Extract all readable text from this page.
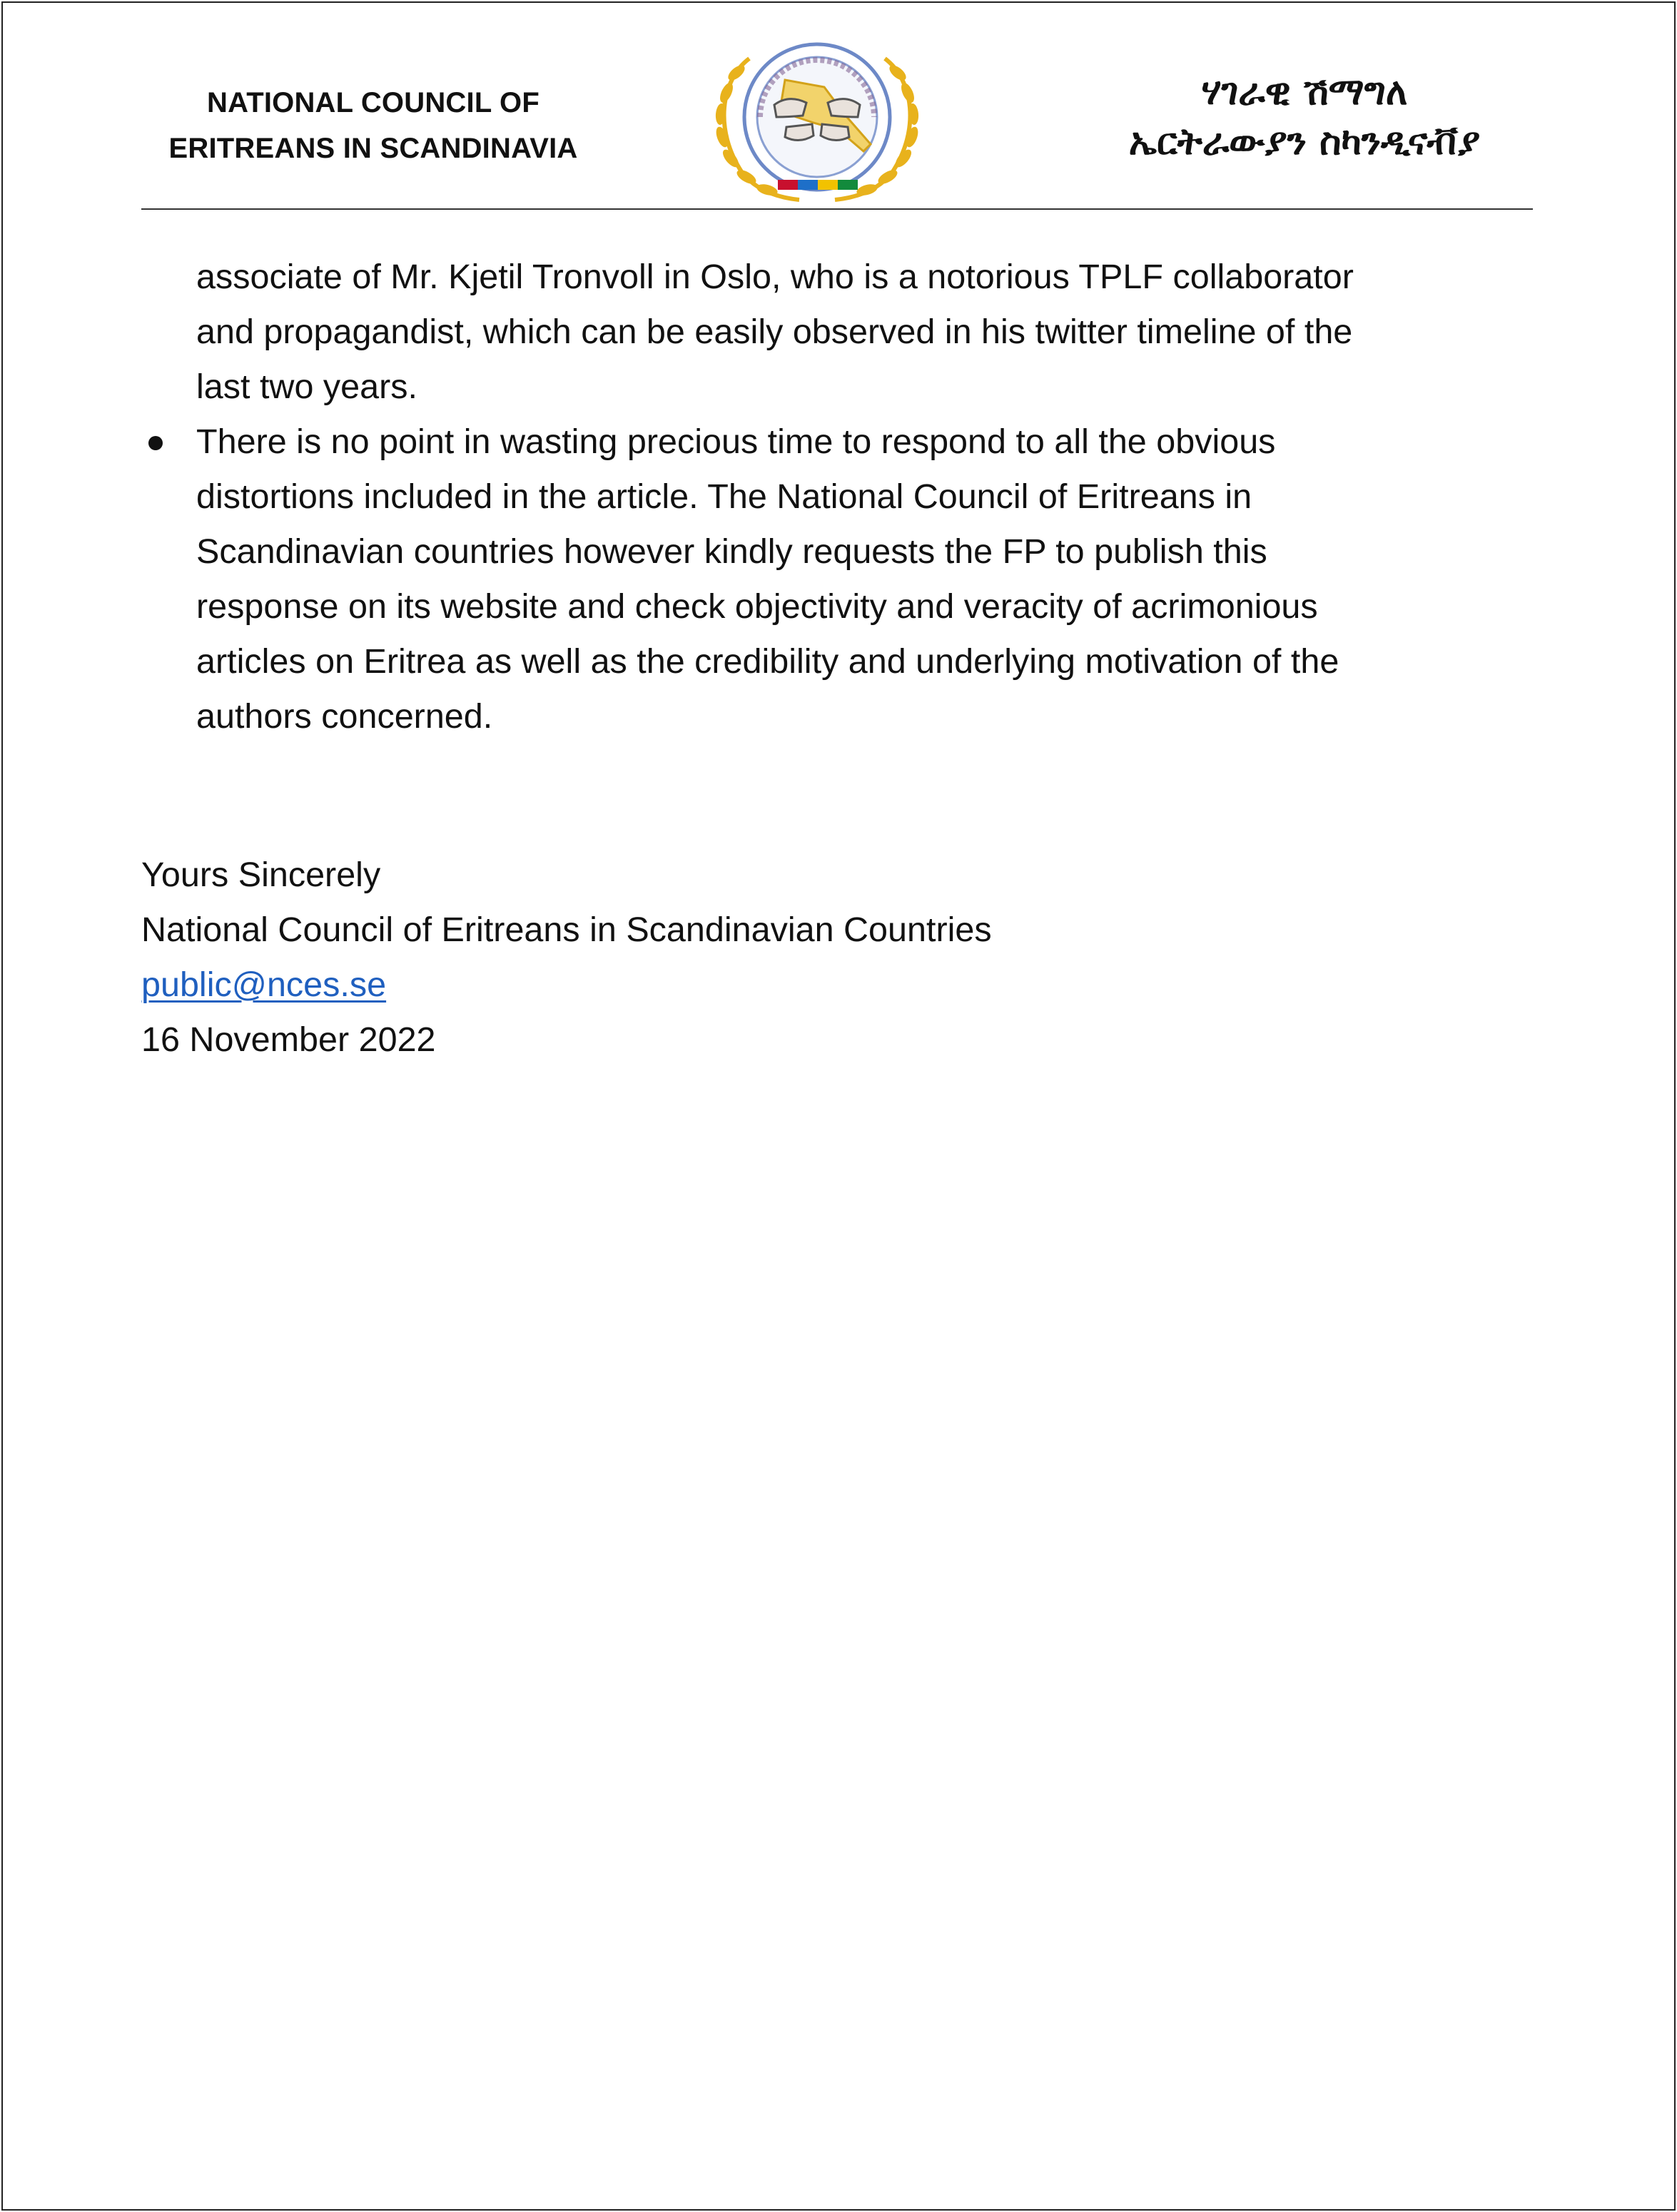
NATIONAL COUNCIL OF
ERITREANS IN SCANDINAVIA
ሃገራዊ ሽማግለ
ኤርትራውያን ስካንዲናቭያ
associate of Mr. Kjetil Tronvoll in Oslo, who is a notorious TPLF collaborator
and propagandist, which can be easily observed in his twitter timeline of the
last two years.
There is no point in wasting precious time to respond to all the obvious
distortions included in the article. The National Council of Eritreans in
Scandinavian countries however kindly requests the FP to publish this
response on its website and check objectivity and veracity of acrimonious
articles on Eritrea as well as the credibility and underlying motivation of the
authors concerned.
Yours Sincerely
National Council of Eritreans in Scandinavian Countries
public@nces.se
16 November 2022
